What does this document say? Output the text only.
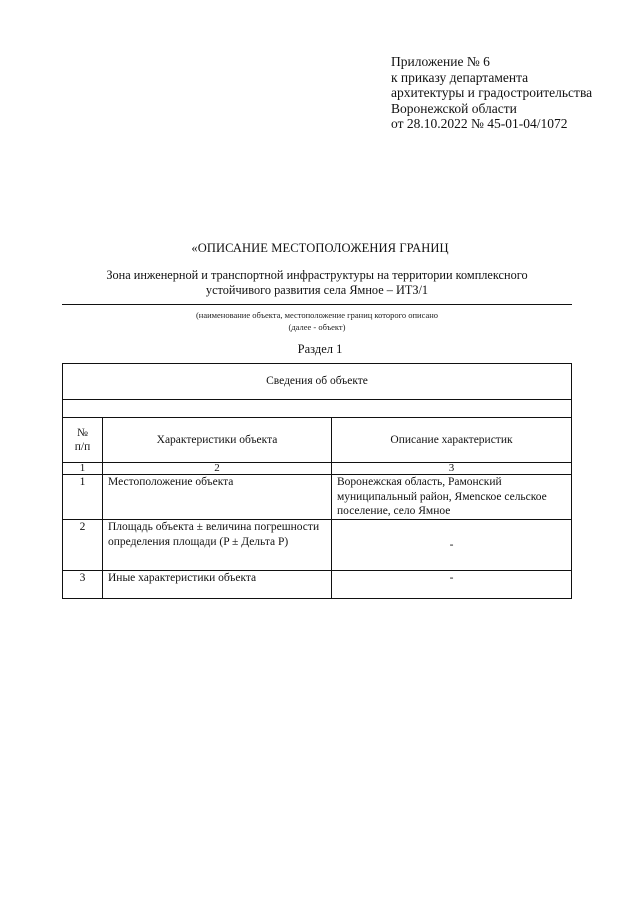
Приложение № 6
к приказу департамента
архитектуры и градостроительства
Воронежской области
от 28.10.2022 № 45-01-04/1072
«ОПИСАНИЕ МЕСТОПОЛОЖЕНИЯ ГРАНИЦ
Зона инженерной и транспортной инфраструктуры на территории комплексного
устойчивого развития села Ямное – ИТЗ/1
(наименование объекта, местоположение границ которого описано
(далее - объект)
Раздел 1
Сведения об объекте		

№
п/п	Характеристики объекта	Описание характеристик
1	2	3
1	Местоположение объекта	Воронежская область, Рамонский муниципальный район, Ямenское сельское поселение, село Ямное
2	Площадь объекта ± величина погрешности определения площади (P ± Дельта P)	-
3	Иные характеристики объекта	-
